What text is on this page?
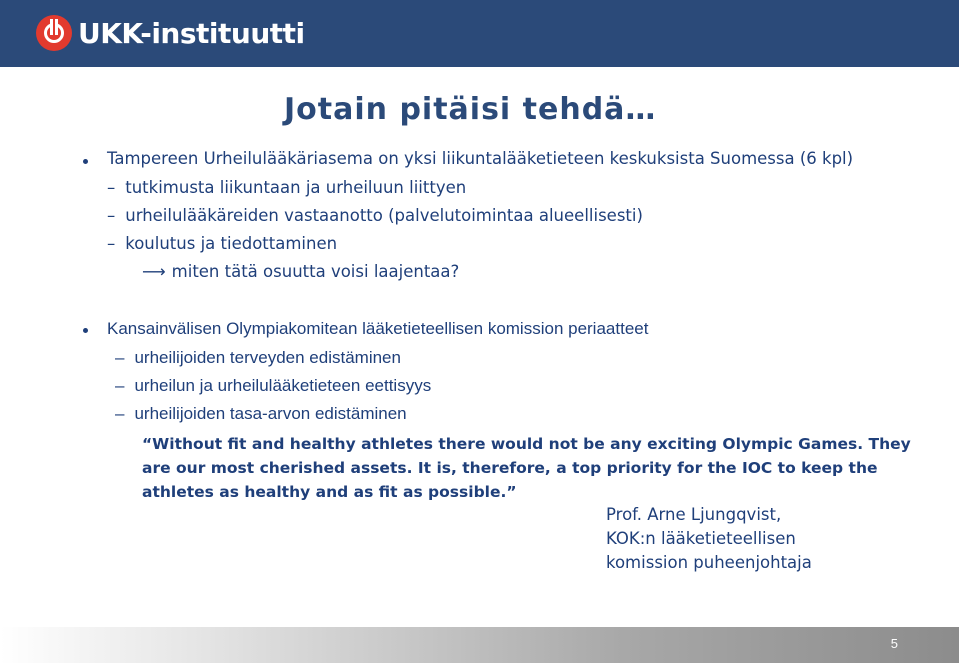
UKK-instituutti
Jotain pitäisi tehdä…
Tampereen Urheilulääkäriasema on yksi liikuntalääketieteen keskuksista Suomessa (6 kpl)
– tutkimusta liikuntaan ja urheiluun liittyen
– urheilulääkäreiden vastaanotto (palvelutoimintaa alueellisesti)
– koulutus ja tiedottaminen
⟶ miten tätä osuutta voisi laajentaa?
Kansainvälisen Olympiakomitean lääketieteellisen komission periaatteet
– urheilijoiden terveyden edistäminen
– urheilun ja urheilulääketieteen eettisyys
– urheilijoiden tasa-arvon edistäminen
“Without fit and healthy athletes there would not be any exciting Olympic Games. They are our most cherished assets. It is, therefore, a top priority for the IOC to keep the athletes as healthy and as fit as possible.”
Prof. Arne Ljungqvist,
KOK:n lääketieteellisen
komission puheenjohtaja
5
